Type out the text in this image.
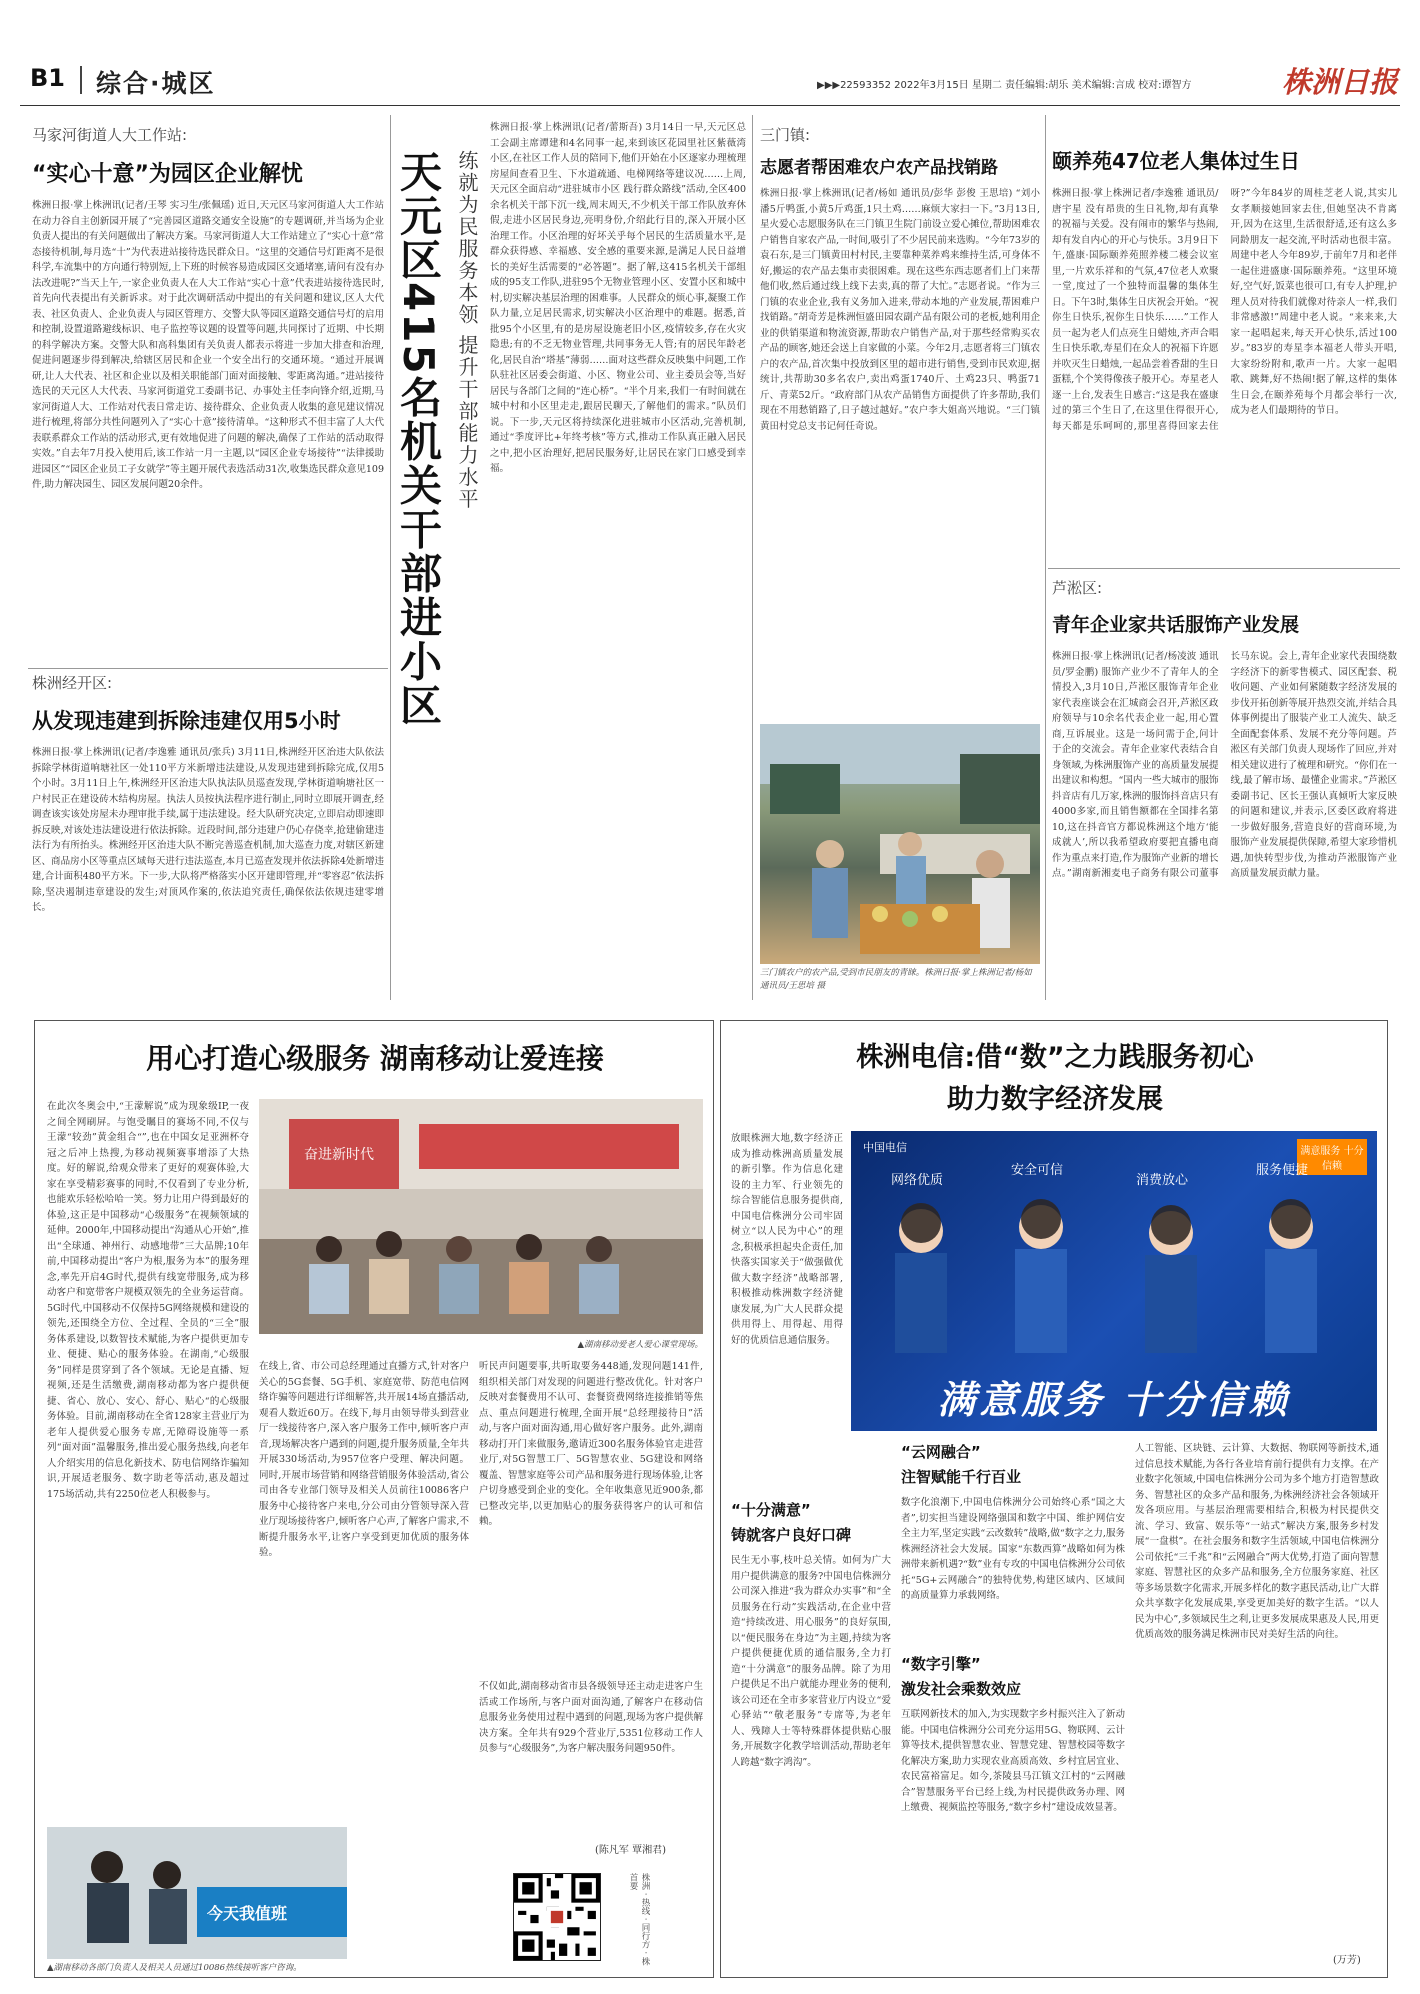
B1 综合·城区	▶▶▶22593352 2022年3月15日 星期二 责任编辑:胡乐 美术编辑:言成 校对:谭智方	株洲日报
马家河街道人大工作站:
“实心十意”为园区企业解忧
株洲日报·掌上株洲讯(记者/王琴 实习生/张佩瑶) 近日,天元区马家河街道人大工作站在动力谷自主创新园开展了“完善园区道路交通安全设施”的专题调研,并当场为企业负责人提出的有关问题做出了解决方案。马家河街道人大工作站建立了“实心十意”常态接待机制,每月选“十”为代表进站接待选民群众日。“这里的交通信号灯距离不是很科学,车流集中的方向通行特别短,上下班的时候容易造成园区交通堵塞,请问有没有办法改进呢?”当天上午,一家企业负责人在人大工作站“实心十意”代表进站接待选民时,首先向代表提出有关新诉求。对于此次调研活动中提出的有关问题和建议,区人大代表、社区负责人、企业负责人与园区管理方、交警大队等园区道路交通信号灯的启用和控制,设置道路避线标识、电子监控等议题的设置等问题,共同探讨了近期、中长期的科学解决方案。交警大队和高科集团有关负责人都表示将进一步加大排查和治理,促进问题逐步得到解决,给辖区居民和企业一个安全出行的交通环境。“通过开展调研,让人大代表、社区和企业以及相关职能部门面对面接触、零距离沟通。”进站接待选民的天元区人大代表、马家河街道党工委副书记、办事处主任李向锋介绍,近期,马家河街道人大、工作站对代表日常走访、接待群众、企业负责人收集的意见建议情况进行梳理,将部分共性问题列入了“实心十意”接待清单。“这种形式不但丰富了人大代表联系群众工作站的活动形式,更有效地促进了问题的解决,确保了工作站的活动取得实效。”自去年7月投入使用后,该工作站一月一主题,以“园区企业专场接待”“法律援助进园区”“园区企业员工子女就学”等主题开展代表选活动31次,收集选民群众意见109件,助力解决园生、园区发展问题20余件。
株洲经开区:
从发现违建到拆除违建仅用5小时
株洲日报·掌上株洲讯(记者/李逸雅 通讯员/张兵) 3月11日,株洲经开区治违大队依法拆除学林街道响塘社区一处110平方米新增违法建设,从发现违建到拆除完成,仅用5个小时。3月11日上午,株洲经开区治违大队执法队员巡查发现,学林街道响塘社区一户村民正在建设砖木结构房屋。执法人员按执法程序进行制止,同时立即展开调查,经调查该实该处房屋未办理审批手续,属于违法建设。经大队研究决定,立即启动即速即拆反映,对该处违法建设进行依法拆除。近段时间,部分违建户仍心存侥幸,抢建偷建违法行为有所抬头。株洲经开区治违大队不断完善巡查机制,加大巡查力度,对辖区新建区、商品房小区等重点区域每天进行违法巡查,本月已巡查发现并依法拆除4处新增违建,合计面积480平方米。下一步,大队将严格落实小区开建即管理,并“零容忍”依法拆除,坚决遏制违章建设的发生;对顶风作案的,依法追究责任,确保依法依规违建零增长。
天元区415名机关干部进小区 练就为民服务本领 提升干部能力水平
株洲日报·掌上株洲讯(记者/蕾斯吾) 3月14日一早,天元区总工会副主席谭建和4名同事一起,来到该区花园里社区紫薇湾小区,在社区工作人员的陪同下,他们开始在小区逐家办理梳理房屋间查看卫生、下水道疏通、电梯网络等建议况……上周,天元区全面启动“进驻城市小区 践行群众路线”活动,全区400余名机关干部下沉一线,周末周天,不少机关干部工作队放弃休假,走进小区居民身边,亮明身份,介绍此行目的,深入开展小区治理工作。小区治理的好坏关乎每个居民的生活质量水平,是群众获得感、幸福感、安全感的重要来源,是满足人民日益增长的美好生活需要的“必答题”。据了解,这415名机关干部组成的95支工作队,进驻95个无物业管理小区、安置小区和城中村,切实解决基层治理的困难事。人民群众的烦心事,凝聚工作队力量,立足居民需求,切实解决小区治理中的难题。据悉,首批95个小区里,有的是房屋设施老旧小区,疫情较多,存在火灾隐患;有的不乏无物业管理,共同事务无人管;有的居民年龄老化,居民自治“塔基”薄弱……面对这些群众反映集中问题,工作队驻社区居委会街道、小区、物业公司、业主委员会等,当好居民与各部门之间的“连心桥”。“半个月来,我们一有时间就在城中村和小区里走走,跟居民聊天,了解他们的需求。”队员们说。下一步,天元区将持续深化进驻城市小区活动,完善机制,通过“季度评比+年终考核”等方式,推动工作队真正融入居民之中,把小区治理好,把居民服务好,让居民在家门口感受到幸福。
三门镇:
志愿者帮困难农户农产品找销路
株洲日报·掌上株洲讯(记者/杨如 通讯员/彭华 彭俊 王思培) “刘小潘5斤鸭蛋,小黄5斤鸡蛋,1只土鸡……麻烦大家扫一下。”3月13日,星火爱心志愿服务队在三门镇卫生院门前设立爱心摊位,帮助困难农户销售自家农产品,一时间,吸引了不少居民前来选购。“今年73岁的袁石东,是三门镇黄田村村民,主要靠种菜养鸡来维持生活,可身体不好,搬运的农产品去集市卖很困难。现在这些东西志愿者们上门来帮他们收,然后通过线上线下去卖,真的帮了大忙。”志愿者说。“作为三门镇的农业企业,我有义务加入进来,带动本地的产业发展,帮困难户找销路。”胡奇芳是株洲恒盛田园农副产品有限公司的老板,她利用企业的供销渠道和物流资源,帮助农户销售产品,对于那些经常购买农产品的顾客,她还会送上自家做的小菜。今年2月,志愿者将三门镇农户的农产品,首次集中投放到区里的超市进行销售,受到市民欢迎,据统计,共帮助30多名农户,卖出鸡蛋1740斤、土鸡23只、鸭蛋71斤、青菜52斤。“政府部门从农产品销售方面提供了许多帮助,我们现在不用愁销路了,日子越过越好。”农户李大姐高兴地说。“三门镇黄田村党总支书记何任奇说。
三门镇农户的农产品,受到市民朋友的青睐。株洲日报·掌上株洲记者/杨如 通讯员/王思培 摄
颐养苑47位老人集体过生日
株洲日报·掌上株洲记者/李逸雅 通讯员/唐宇星 没有昂贵的生日礼物,却有真挚的祝福与关爱。没有闹市的繁华与热闹,却有发自内心的开心与快乐。3月9日下午,盛康·国际颐养苑照养楼二楼会议室里,一片欢乐祥和的气氛,47位老人欢聚一堂,度过了一个独特而温馨的集体生日。下午3时,集体生日庆祝会开始。“祝你生日快乐,祝你生日快乐……”工作人员一起为老人们点亮生日蜡烛,齐声合唱生日快乐歌,寿星们在众人的祝福下许愿并吹灭生日蜡烛,一起品尝着香甜的生日蛋糕,个个笑得像孩子般开心。寿星老人逐一上台,发表生日感言:“这是我在盛康过的第三个生日了,在这里住得很开心,每天都是乐呵呵的,那里喜得回家去住呀?”今年84岁的周桂芝老人说,其实儿女孝顺接她回家去住,但她坚决不肯离开,因为在这里,生活很舒适,还有这么多同龄朋友一起交流,平时活动也很丰富。周建中老人今年89岁,于前年7月和老伴一起住进盛康·国际颐养苑。“这里环境好,空气好,饭菜也很可口,有专人护理,护理人员对待我们就像对待亲人一样,我们非常感激!”周建中老人说。“来来来,大家一起唱起来,每天开心快乐,活过100岁。”83岁的寿星李本福老人带头开唱,大家纷纷附和,歌声一片。大家一起唱歌、跳舞,好不热闹!据了解,这样的集体生日会,在颐养苑每个月都会举行一次,成为老人们最期待的节日。
芦淞区:
青年企业家共话服饰产业发展
株洲日报·掌上株洲讯(记者/杨凌波 通讯员/罗金鹏) 服饰产业少不了青年人的全情投入,3月10日,芦淞区服饰青年企业家代表座谈会在汇城商会召开,芦淞区政府领导与10余名代表企业一起,用心置商,互诉展业。这是一场问需于企,问计于企的交流会。青年企业家代表结合自身领域,为株洲服饰产业的高质量发展提出建议和构想。“国内一些大城市的服饰抖音店有几万家,株洲的服饰抖音店只有4000多家,而且销售额都在全国排名第10,这在抖音官方都说株洲这个地方‘能成就人’,所以我希望政府要把直播电商作为重点来打造,作为服饰产业新的增长点。”湖南新湘麦电子商务有限公司董事长马东说。会上,青年企业家代表围绕数字经济下的新零售模式、园区配套、税收问题、产业如何紧随数字经济发展的步伐开拓创新等展开热烈交流,并结合具体事例提出了服装产业工人流失、缺乏全面配套体系、发展不充分等问题。芦淞区有关部门负责人现场作了回应,并对相关建议进行了梳理和研究。“你们在一线,最了解市场、最懂企业需求。”芦淞区委副书记、区长王强认真倾听大家反映的问题和建议,并表示,区委区政府将进一步做好服务,营造良好的营商环境,为服饰产业发展提供保障,希望大家珍惜机遇,加快转型步伐,为推动芦淞服饰产业高质量发展贡献力量。
用心打造心级服务 湖南移动让爱连接
在此次冬奥会中,“王濛解说”成为现象级IP,一夜之间全网刷屏。与饱受瞩目的赛场不同,不仅与王濛“较劲”黄金组合“”,也在中国女足亚洲杯夺冠之后冲上热搜,为移动视频赛事增添了大热度。好的解说,给观众带来了更好的观赛体验,大家在享受精彩赛事的同时,不仅看到了专业分析,也能欢乐轻松哈哈一笑。努力让用户得到最好的体验,这正是中国移动“心级服务”在视频领域的延伸。2000年,中国移动提出“沟通从心开始”,推出“全球通、神州行、动感地带”三大品牌;10年前,中国移动提出“客户为根,服务为本”的服务理念,率先开启4G时代,提供有线宽带服务,成为移动客户和宽带客户规模双领先的全业务运营商。5G时代,中国移动不仅保持5G网络规模和建设的领先,还围绕全方位、全过程、全员的“三全”服务体系建设,以数智技术赋能,为客户提供更加专业、便捷、贴心的服务体验。在湖南,“心级服务”同样是贯穿到了各个领域。无论是直播、短视频,还是生活缴费,湖南移动都为客户提供便捷、省心、放心、安心、舒心、贴心“的心级服务体验。目前,湖南移动在全省128家主营业厅为老年人提供爱心服务专席,无障碍设施等一系列“面对面”温馨服务,推出爱心服务热线,向老年人介绍实用的信息化新技术、防电信网络诈骗知识,开展适老服务、数字助老等活动,惠及超过175场活动,共有2250位老人积极参与。
奋进新时代
▲湖南移动爱老人爱心课堂现场。
在线上,省、市公司总经理通过直播方式,针对客户关心的5G套餐、5G手机、家庭宽带、防范电信网络诈骗等问题进行详细解答,共开展14场直播活动,观看人数近60万。在线下,每月由领导带头到营业厅一线接待客户,深入客户服务工作中,倾听客户声音,现场解决客户遇到的问题,提升服务质量,全年共开展330场活动,为957位客户受理、解决问题。同时,开展市场营销和网络营销服务体验活动,省公司由各专业部门领导及相关人员前往10086客户服务中心接待客户来电,分公司由分管领导深入营业厅现场接待客户,倾听客户心声,了解客户需求,不断提升服务水平,让客户享受到更加优质的服务体验。
听民声问题要事,共听取要务448通,发现问题141件,组织相关部门对发现的问题进行整改优化。针对客户反映对套餐费用不认可、套餐资费网络连接推销等焦点、重点问题进行梳理,全面开展“总经理接待日”活动,与客户面对面沟通,用心做好客户服务。此外,湖南移动打开门来做服务,邀请近300名服务体验官走进营业厅,对5G智慧工厂、5G智慧农业、5G建设和网络覆盖、智慧家庭等公司产品和服务进行现场体验,让客户切身感受到企业的变化。全年收集意见近900条,都已整改完毕,以更加贴心的服务获得客户的认可和信赖。
不仅如此,湖南移动省市县各级领导还主动走进客户生活或工作场所,与客户面对面沟通,了解客户在移动信息服务业务使用过程中遇到的问题,现场为客户提供解决方案。全年共有929个营业厅,5351位移动工作人员参与“心级服务”,为客户解决服务问题950件。
(陈凡军 覃湘君)
今天我值班
▲湖南移动各部门负责人及相关人员通过10086热线接听客户咨询。
株洲 · 热线 · 同行方 · 株首要
株洲电信:借“数”之力践服务初心
助力数字经济发展
放眼株洲大地,数字经济正成为推动株洲高质量发展的新引擎。作为信息化建设的主力军、行业领先的综合智能信息服务提供商,中国电信株洲分公司牢固树立“以人民为中心”的理念,积极承担起央企责任,加快落实国家关于“做强做优做大数字经济”战略部署,积极推动株洲数字经济健康发展,为广大人民群众提供用得上、用得起、用得好的优质信息通信服务。
中国电信	满意服务 十分信赖
网络优质
安全可信
消费放心
服务便捷
满意服务 十分信赖
“十分满意”
铸就客户良好口碑
民生无小事,枝叶总关情。如何为广大用户提供满意的服务?中国电信株洲分公司深入推进“我为群众办实事”和“全员服务在行动”实践活动,在企业中营造“持续改进、用心服务”的良好氛围,以“便民服务在身边”为主题,持续为客户提供便捷优质的通信服务,全力打造“十分满意”的服务品牌。除了为用户提供足不出户就能办理业务的便利,该公司还在全市多家营业厅内设立“爱心驿站”“敬老服务”专席等,为老年人、残障人士等特殊群体提供贴心服务,开展数字化教学培训活动,帮助老年人跨越“数字鸿沟”。
“云网融合”
注智赋能千行百业
数字化浪潮下,中国电信株洲分公司始终心系“国之大者”,切实担当建设网络强国和数字中国、维护网信安全主力军,坚定实践“云改数转”战略,做“数字之力,服务株洲经济社会大发展。国家“东数西算”战略如何为株洲带来新机遇?“数”业有专攻的中国电信株洲分公司依托“5G+云网融合”的独特优势,构建区域内、区域间的高质量算力承载网络。
“数字引擎”
激发社会乘数效应
互联网新技术的加入,为实现数字乡村振兴注入了新动能。中国电信株洲分公司充分运用5G、物联网、云计算等技术,提供智慧农业、智慧党建、智慧校园等数字化解决方案,助力实现农业高质高效、乡村宜居宜业、农民富裕富足。如今,茶陵县马江镇文江村的“云网融合”智慧服务平台已经上线,为村民提供政务办理、网上缴费、视频监控等服务,“数字乡村”建设成效显著。
人工智能、区块链、云计算、大数据、物联网等新技术,通过信息技术赋能,为各行各业培育前行提供有力支撑。在产业数字化领域,中国电信株洲分公司为多个地方打造智慧政务、智慧社区的众多产品和服务,为株洲经济社会各领域开发各项应用。与基层治理需要相结合,积极为村民提供交流、学习、致富、娱乐等“一站式”解决方案,服务乡村发展“一盘棋”。在社会服务和数字生活领域,中国电信株洲分公司依托“三千兆”和“云网融合”两大优势,打造了面向智慧家庭、智慧社区的众多产品和服务,全方位服务家庭、社区等多场景数字化需求,开展多样化的数字惠民活动,让广大群众共享数字化发展成果,享受更加美好的数字生活。“以人民为中心”,多领域民生之利,让更多发展成果惠及人民,用更优质高效的服务满足株洲市民对美好生活的向往。
(万芳)
